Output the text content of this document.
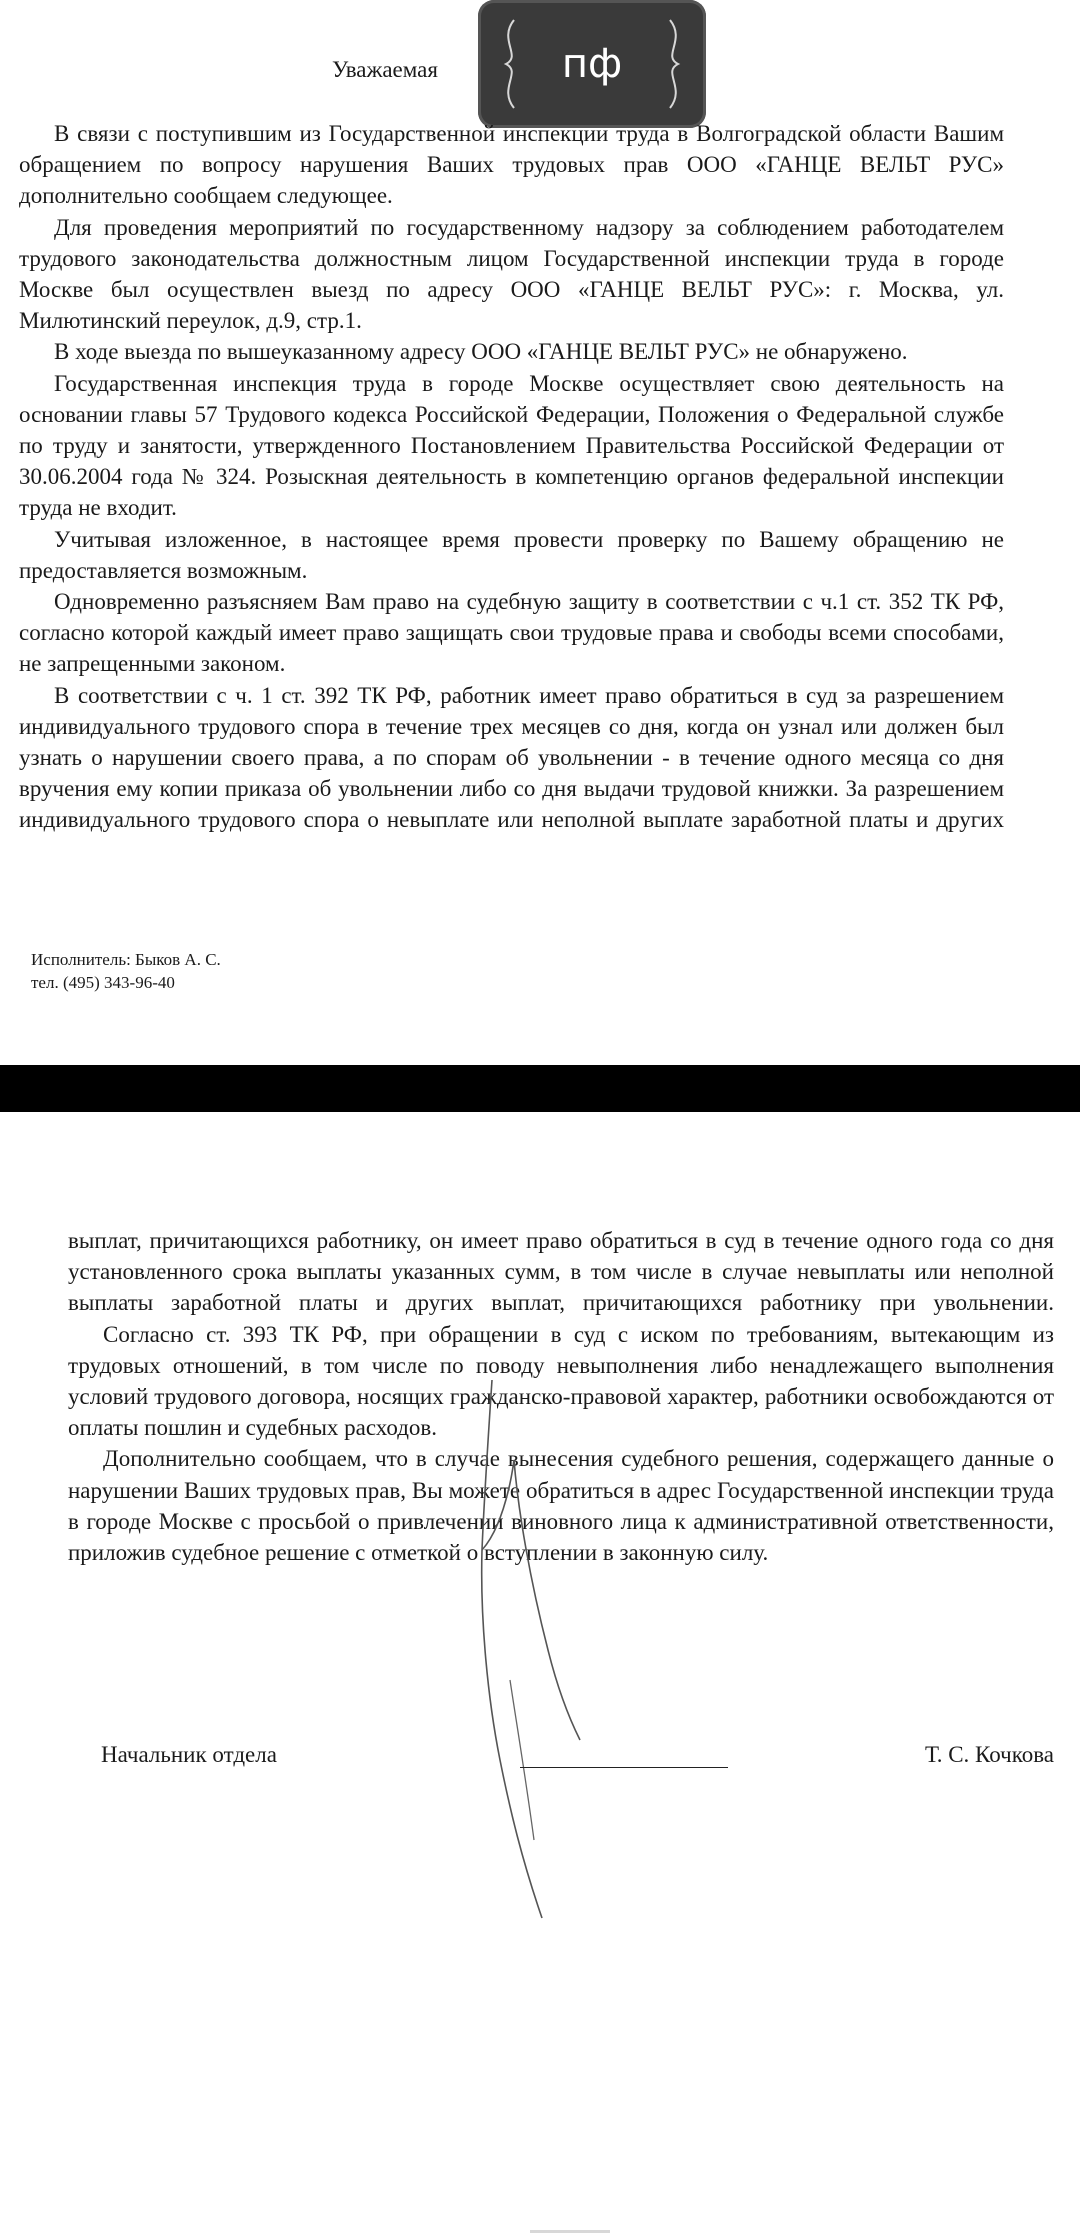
Уважаемая	пф

В связи с поступившим из Государственной инспекции труда в Волгоградской области Вашим обращением по вопросу нарушения Ваших трудовых прав ООО «ГАНЦЕ ВЕЛЬТ РУС» дополнительно сообщаем следующее.

Для проведения мероприятий по государственному надзору за соблюдением работодателем трудового законодательства должностным лицом Государственной инспекции труда в городе Москве был осуществлен выезд по адресу ООО «ГАНЦЕ ВЕЛЬТ РУС»: г. Москва, ул. Милютинский переулок, д.9, стр.1.

В ходе выезда по вышеуказанному адресу ООО «ГАНЦЕ ВЕЛЬТ РУС» не обнаружено.

Государственная инспекция труда в городе Москве осуществляет свою деятельность на основании главы 57 Трудового кодекса Российской Федерации, Положения о Федеральной службе по труду и занятости, утвержденного Постановлением Правительства Российской Федерации от 30.06.2004 года № 324. Розыскная деятельность в компетенцию органов федеральной инспекции труда не входит.

Учитывая изложенное, в настоящее время провести проверку по Вашему обращению не предоставляется возможным.

Одновременно разъясняем Вам право на судебную защиту в соответствии с ч.1 ст. 352 ТК РФ, согласно которой каждый имеет право защищать свои трудовые права и свободы всеми способами, не запрещенными законом.

В соответствии с ч. 1 ст. 392 ТК РФ, работник имеет право обратиться в суд за разрешением индивидуального трудового спора в течение трех месяцев со дня, когда он узнал или должен был узнать о нарушении своего права, а по спорам об увольнении - в течение одного месяца со дня вручения ему копии приказа об увольнении либо со дня выдачи трудовой книжки. За разрешением индивидуального трудового спора о невыплате или неполной выплате заработной платы и других

Исполнитель: Быков А. С.
тел. (495) 343-96-40

выплат, причитающихся работнику, он имеет право обратиться в суд в течение одного года со дня установленного срока выплаты указанных сумм, в том числе в случае невыплаты или неполной выплаты заработной платы и других выплат, причитающихся работнику при увольнении.

Согласно ст. 393 ТК РФ, при обращении в суд с иском по требованиям, вытекающим из трудовых отношений, в том числе по поводу невыполнения либо ненадлежащего выполнения условий трудового договора, носящих гражданско-правовой характер, работники освобождаются от оплаты пошлин и судебных расходов.

Дополнительно сообщаем, что в случае вынесения судебного решения, содержащего данные о нарушении Ваших трудовых прав, Вы можете обратиться в адрес Государственной инспекции труда в городе Москве с просьбой о привлечении виновного лица к административной ответственности, приложив судебное решение с отметкой о вступлении в законную силу.

Начальник отдела	Т. С. Кочкова
